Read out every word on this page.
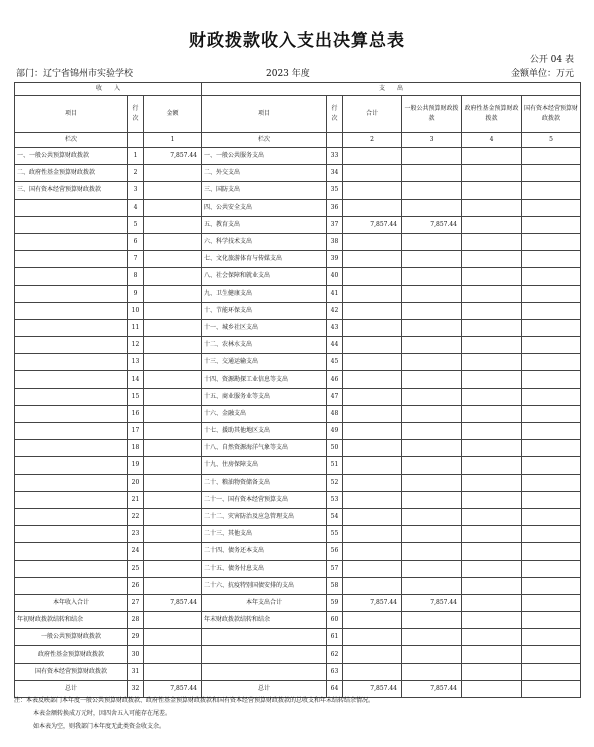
财政拨款收入支出决算总表
公开 04 表
部门：辽宁省锦州市实验学校	2023 年度	金额单位：万元
收　　入			支　　出					
项目	行次	金额	项目	行次	合计	一般公共预算财政拨款	政府性基金预算财政拨款	国有资本经营预算财政拨款
栏次		1	栏次		2	3	4	5
一、一般公共预算财政拨款	1	7,857.44	一、一般公共服务支出	33				
二、政府性基金预算财政拨款	2		二、外交支出	34				
三、国有资本经营预算财政拨款	3		三、国防支出	35				
	4		四、公共安全支出	36				
	5		五、教育支出	37	7,857.44	7,857.44		
	6		六、科学技术支出	38				
	7		七、文化旅游体育与传媒支出	39				
	8		八、社会保障和就业支出	40				
	9		九、卫生健康支出	41				
	10		十、节能环保支出	42				
	11		十一、城乡社区支出	43				
	12		十二、农林水支出	44				
	13		十三、交通运输支出	45				
	14		十四、资源勘探工业信息等支出	46				
	15		十五、商业服务业等支出	47				
	16		十六、金融支出	48				
	17		十七、援助其他地区支出	49				
	18		十八、自然资源海洋气象等支出	50				
	19		十九、住房保障支出	51				
	20		二十、粮油物资储备支出	52				
	21		二十一、国有资本经营预算支出	53				
	22		二十二、灾害防治及应急管理支出	54				
	23		二十三、其他支出	55				
	24		二十四、债务还本支出	56				
	25		二十五、债务付息支出	57				
	26		二十六、抗疫特别国债安排的支出	58				
本年收入合计	27	7,857.44	本年支出合计	59	7,857.44	7,857.44		
年初财政拨款结转和结余	28		年末财政拨款结转和结余	60				
一般公共预算财政拨款	29			61				
政府性基金预算财政拨款	30			62				
国有资本经营预算财政拨款	31			63				
总计	32	7,857.44	总计	64	7,857.44	7,857.44		
注：本表反映部门本年度一般公共预算财政拨款、政府性基金预算财政拨款和国有资本经营预算财政拨款的总收支和年末结转结余情况。
本表金额转换成万元时，因四舍五入可能存在尾差。
如本表为空，则我部门本年度无此类资金收支余。
